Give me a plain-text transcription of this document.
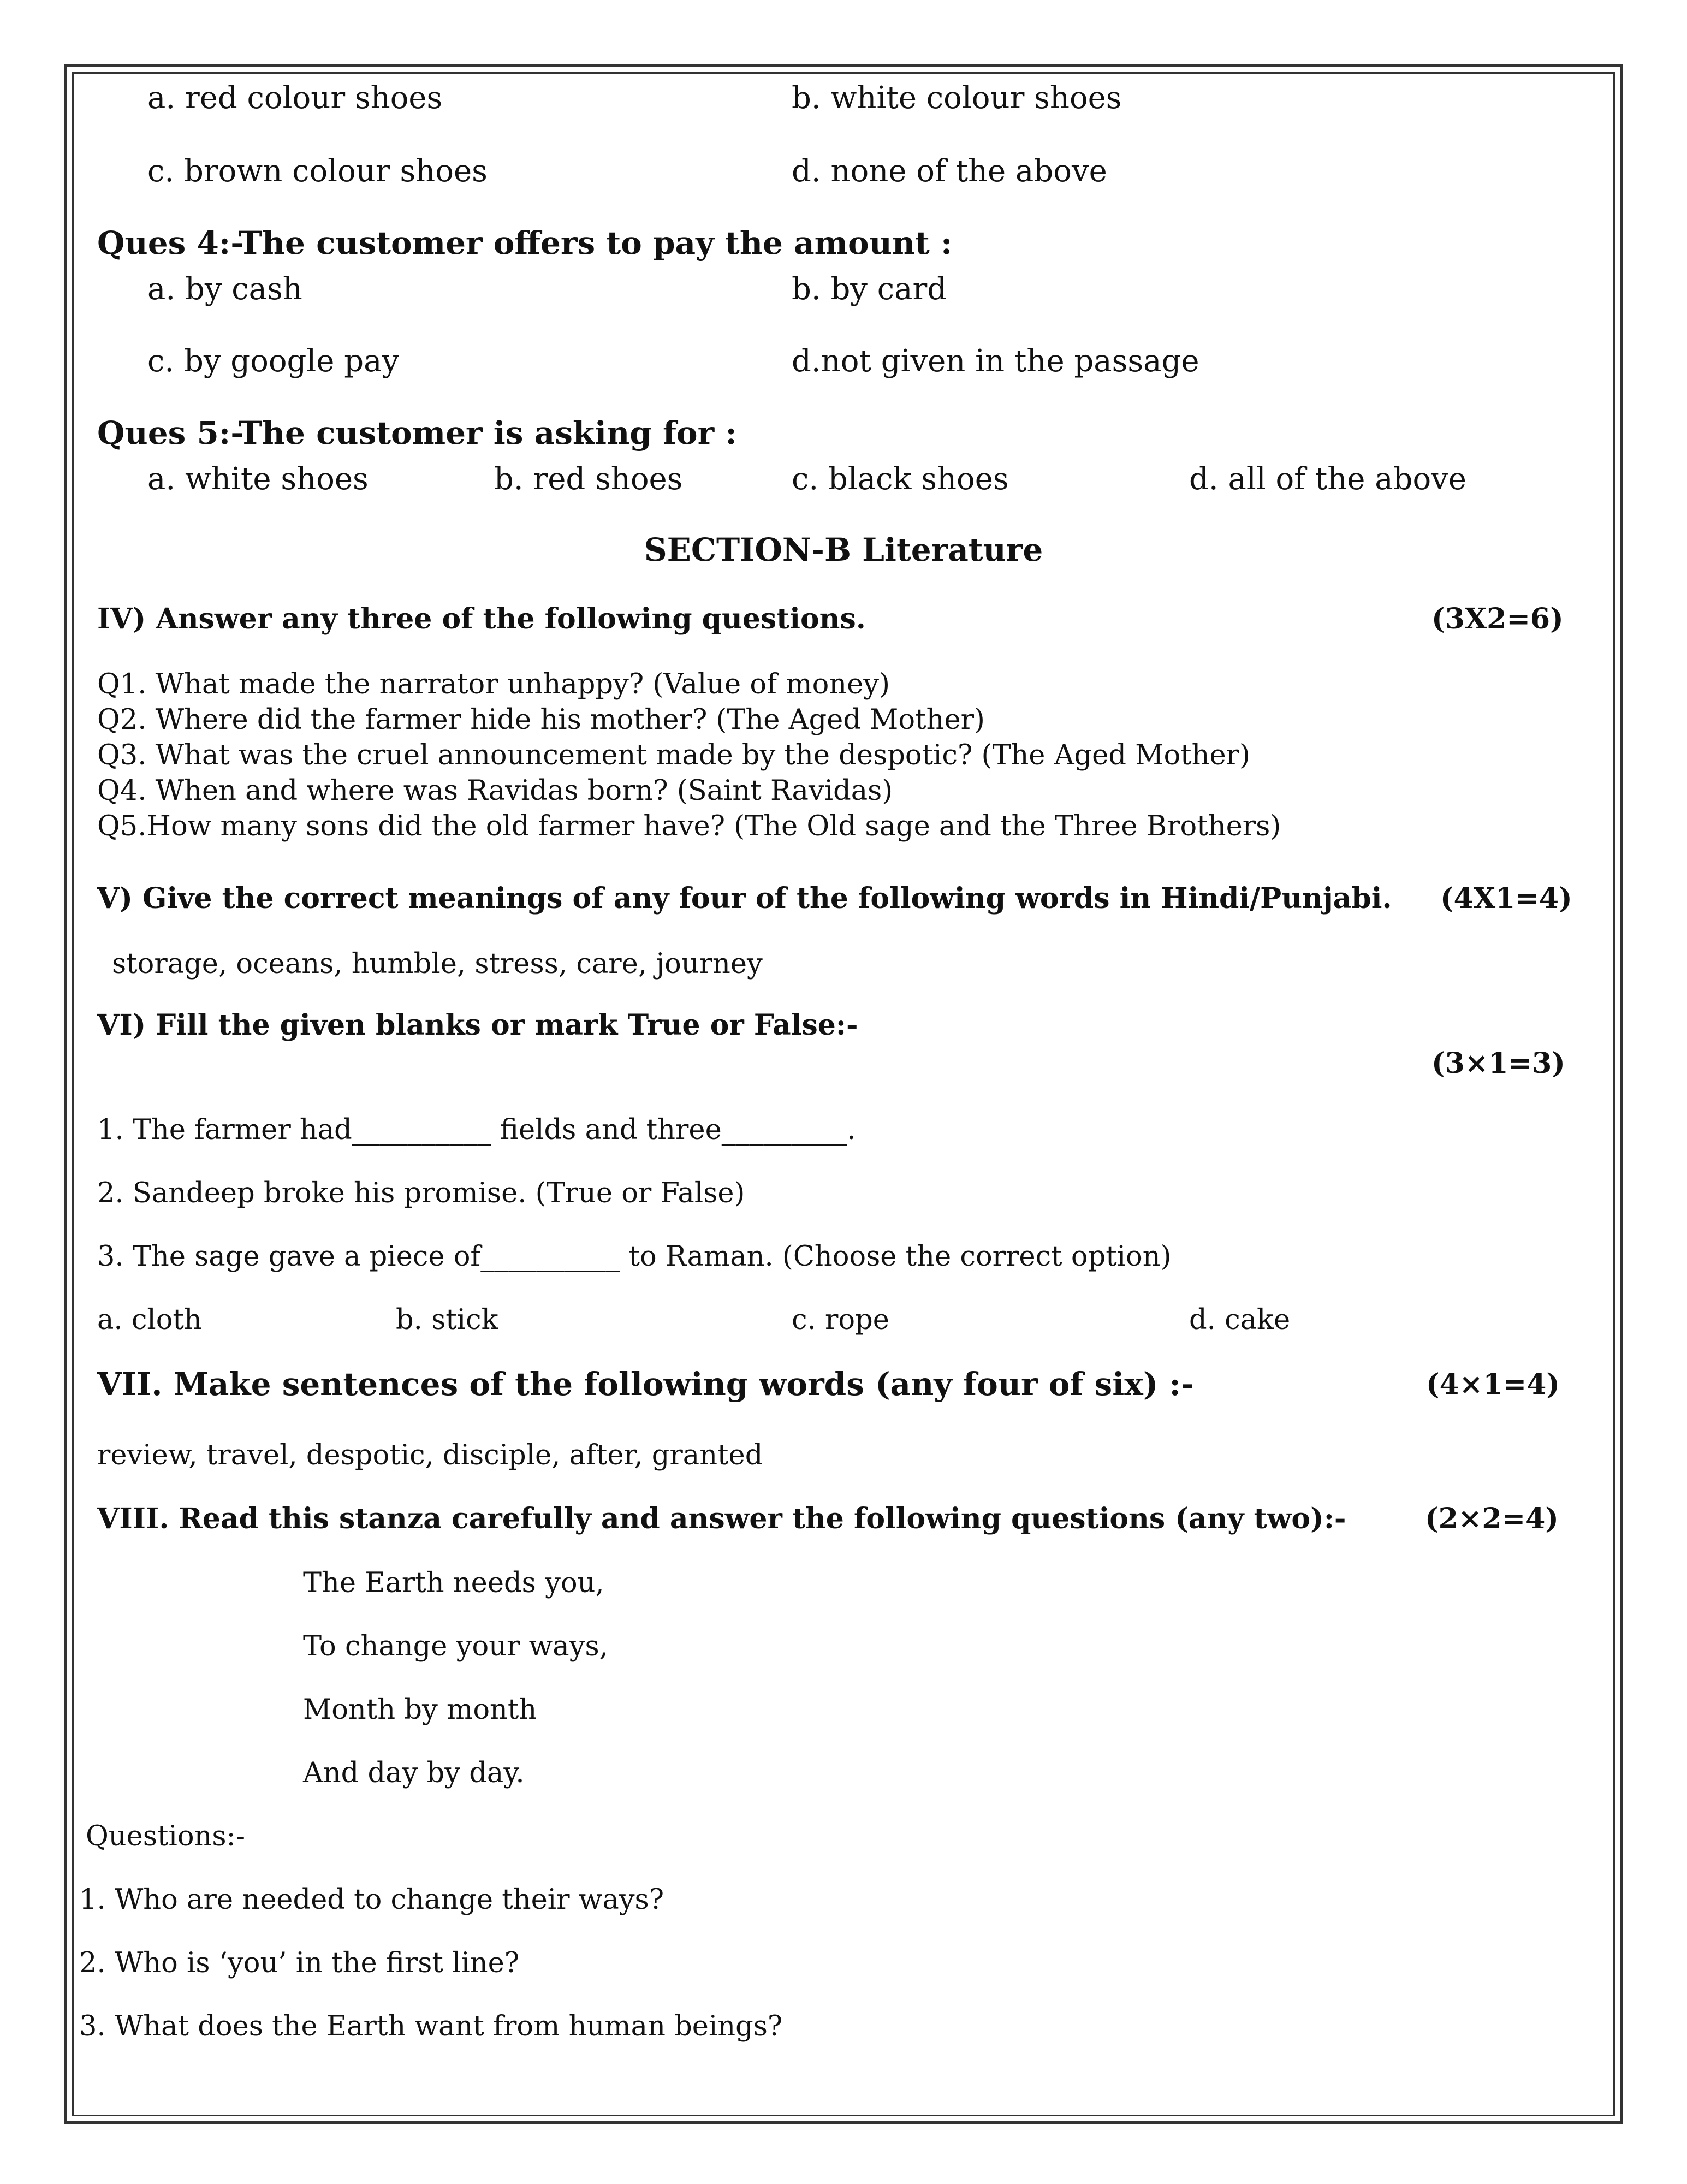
a. red colour shoes	b. white colour shoes
c. brown colour shoes	d. none of the above
Ques 4:-The customer offers to pay the amount :
a. by cash	b. by card
c. by google pay	d.not given in the passage
Ques 5:-The customer is asking for :
a. white shoes	b. red shoes	c. black shoes	d. all of the above
SECTION-B Literature
IV) Answer any three of the following questions.	(3X2=6)
Q1. What made the narrator unhappy? (Value of money)
Q2. Where did the farmer hide his mother? (The Aged Mother)
Q3. What was the cruel announcement made by the despotic? (The Aged Mother)
Q4. When and where was Ravidas born? (Saint Ravidas)
Q5.How many sons did the old farmer have? (The Old sage and the Three Brothers)
V) Give the correct meanings of any four of the following words in Hindi/Punjabi. (4X1=4)
storage, oceans, humble, stress, care, journey
VI) Fill the given blanks or mark True or False:-
(3×1=3)
1. The farmer had__________ fields and three_________.
2. Sandeep broke his promise. (True or False)
3. The sage gave a piece of__________ to Raman. (Choose the correct option)
a. cloth	b. stick	c. rope	d. cake
VII. Make sentences of the following words (any four of six) :-	(4×1=4)
review, travel, despotic, disciple, after, granted
VIII. Read this stanza carefully and answer the following questions (any two):-	(2×2=4)
The Earth needs you,
To change your ways,
Month by month
And day by day.
Questions:-
1. Who are needed to change their ways?
2. Who is ‘you’ in the first line?
3. What does the Earth want from human beings?
